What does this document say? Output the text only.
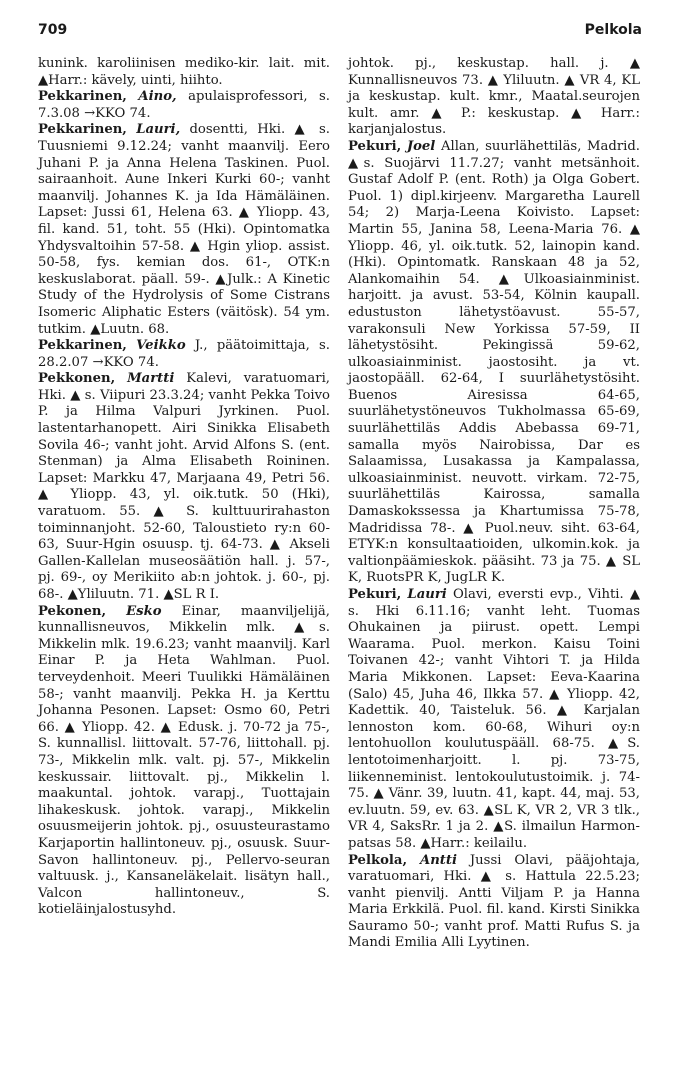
709	Pelkola

kunink. karoliinisen mediko-kir. lait. mit. ▲Harr.: kävely, uinti, hiihto.

Pekkarinen, Aino, apulaisprofessori, s. 7.3.08 →KKO 74.

Pekkarinen, Lauri, dosentti, Hki. ▲ s. Tuusniemi 9.12.24; vanht maanvilj. Eero Juhani P. ja Anna Helena Taskinen. Puol. sairaanhoit. Aune Inkeri Kurki 60-; vanht maanvilj. Johannes K. ja Ida Hämäläinen. Lapset: Jussi 61, Helena 63. ▲ Yliopp. 43, fil. kand. 51, toht. 55 (Hki). Opintomatka Yhdysvaltoihin 57-58. ▲ Hgin yliop. assist. 50-58, fys. kemian dos. 61-, OTK:n keskuslaborat. päall. 59-. ▲Julk.: A Kinetic Study of the Hydrolysis of Some Cistrans Isomeric Aliphatic Esters (väitösk). 54 ym. tutkim. ▲Luutn. 68.

Pekkarinen, Veikko J., päätoimittaja, s. 28.2.07 →KKO 74.

Pekkonen, Martti Kalevi, varatuomari, Hki. ▲ s. Viipuri 23.3.24; vanht Pekka Toivo P. ja Hilma Valpuri Jyrkinen. Puol. lastentarhanopett. Airi Sinikka Elisabeth Sovila 46-; vanht joht. Arvid Alfons S. (ent. Stenman) ja Alma Elisabeth Roininen. Lapset: Markku 47, Marjaana 49, Petri 56. ▲ Yliopp. 43, yl. oik.tutk. 50 (Hki), varatuom. 55. ▲ S. kulttuurirahaston toiminnanjoht. 52-60, Taloustieto ry:n 60-63, Suur-Hgin osuusp. tj. 64-73. ▲ Akseli Gallen-Kallelan museosäätiön hall. j. 57-, pj. 69-, oy Merikiito ab:n johtok. j. 60-, pj. 68-. ▲Yliluutn. 71. ▲SL R I.

Pekonen, Esko Einar, maanviljelijä, kunnallisneuvos, Mikkelin mlk. ▲s. Mikkelin mlk. 19.6.23; vanht maanvilj. Karl Einar P. ja Heta Wahlman. Puol. terveydenhoit. Meeri Tuulikki Hämäläinen 58-; vanht maanvilj. Pekka H. ja Kerttu Johanna Pesonen. Lapset: Osmo 60, Petri 66. ▲ Yliopp. 42. ▲ Edusk. j. 70-72 ja 75-, S. kunnallisl. liittovalt. 57-76, liittohall. pj. 73-, Mikkelin mlk. valt. pj. 57-, Mikkelin keskussair. liittovalt. pj., Mikkelin l. maakuntal. johtok. varapj., Tuottajain lihakeskusk. johtok. varapj., Mikkelin osuusmeijerin johtok. pj., osuusteurastamo Karjaportin hallintoneuv. pj., osuusk. Suur-Savon hallintoneuv. pj., Pellervo-seuran valtuusk. j., Kansaneläkelait. lisätyn hall., Valcon hallintoneuv., S. kotieläinjalostusyhd.

johtok. pj., keskustap. hall. j. ▲ Kunnallisneuvos 73. ▲ Yliluutn. ▲ VR 4, KL ja keskustap. kult. kmr., Maatal.seurojen kult. amr. ▲ P.: keskustap. ▲ Harr.: karjanjalostus.

Pekuri, Joel Allan, suurlähettiläs, Madrid. ▲s. Suojärvi 11.7.27; vanht metsänhoit. Gustaf Adolf P. (ent. Roth) ja Olga Gobert. Puol. 1) dipl.kirjeenv. Margaretha Laurell 54; 2) Marja-Leena Koivisto. Lapset: Martin 55, Janina 58, Leena-Maria 76. ▲ Yliopp. 46, yl. oik.tutk. 52, lainopin kand. (Hki). Opintomatk. Ranskaan 48 ja 52, Alankomaihin 54. ▲Ulkoasiainminist. harjoitt. ja avust. 53-54, Kölnin kaupall. edustuston lähetystöavust. 55-57, varakonsuli New Yorkissa 57-59, II lähetystösiht. Pekingissä 59-62, ulkoasiainminist. jaostosiht. ja vt. jaostopääll. 62-64, I suurlähetystösiht. Buenos Airesissa 64-65, suurlähetystöneuvos Tukholmassa 65-69, suurlähettiläs Addis Abebassa 69-71, samalla myös Nairobissa, Dar es Salaamissa, Lusakassa ja Kampalassa, ulkoasiainminist. neuvott. virkam. 72-75, suurlähettiläs Kairossa, samalla Damaskokssessa ja Khartumissa 75-78, Madridissa 78-. ▲ Puol.neuv. siht. 63-64, ETYK:n konsultaatioiden, ulkomin.kok. ja valtionpäämieskok. pääsiht. 73 ja 75. ▲ SL K, RuotsPR K, JugLR K.

Pekuri, Lauri Olavi, eversti evp., Vihti. ▲ s. Hki 6.11.16; vanht leht. Tuomas Ohukainen ja piirust. opett. Lempi Waarama. Puol. merkon. Kaisu Toini Toivanen 42-; vanht Vihtori T. ja Hilda Maria Mikkonen. Lapset: Eeva-Kaarina (Salo) 45, Juha 46, Ilkka 57. ▲ Yliopp. 42, Kadettik. 40, Taisteluk. 56. ▲ Karjalan lennoston kom. 60-68, Wihuri oy:n lentohuollon koulutuspääll. 68-75. ▲S. lentotoimenharjoitt. l. pj. 73-75, liikenneminist. lentokoulutustoimik. j. 74-75. ▲ Vänr. 39, luutn. 41, kapt. 44, maj. 53, ev.luutn. 59, ev. 63. ▲SL K, VR 2, VR 3 tlk., VR 4, SaksRr. 1 ja 2. ▲S. ilmailun Harmon-patsas 58. ▲Harr.: keilailu.

Pelkola, Antti Jussi Olavi, pääjohtaja, varatuomari, Hki. ▲ s. Hattula 22.5.23; vanht pienvilj. Antti Viljam P. ja Hanna Maria Erkkilä. Puol. fil. kand. Kirsti Sinikka Sauramo 50-; vanht prof. Matti Rufus S. ja Mandi Emilia Alli Lyytinen.
